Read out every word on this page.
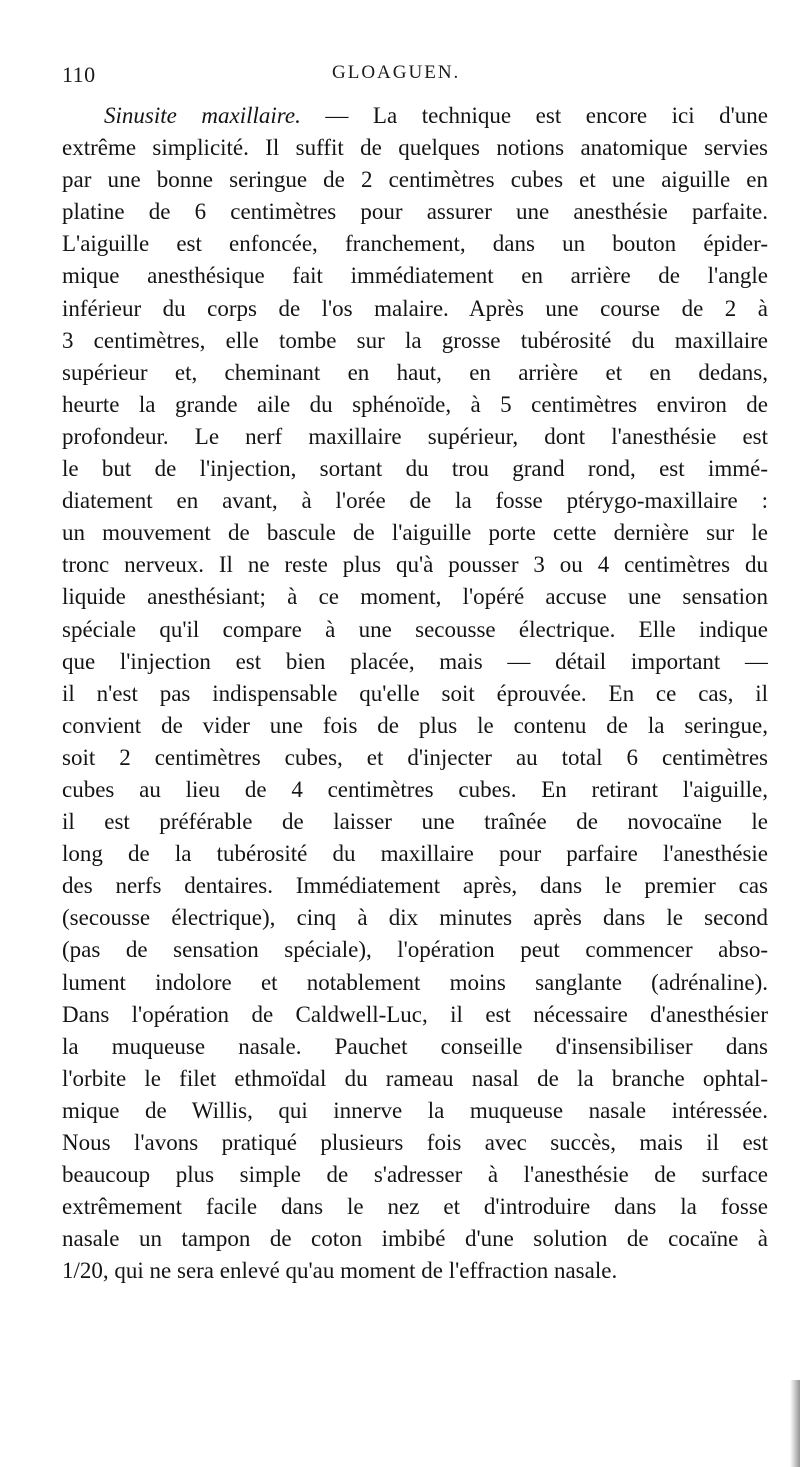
110	GLOAGUEN.
Sinusite maxillaire. — La technique est encore ici d'une
extrême simplicité. Il suffit de quelques notions anatomique servies
par une bonne seringue de 2 centimètres cubes et une aiguille en
platine de 6 centimètres pour assurer une anesthésie parfaite.
L'aiguille est enfoncée, franchement, dans un bouton épider-
mique anesthésique fait immédiatement en arrière de l'angle
inférieur du corps de l'os malaire. Après une course de 2 à
3 centimètres, elle tombe sur la grosse tubérosité du maxillaire
supérieur et, cheminant en haut, en arrière et en dedans,
heurte la grande aile du sphénoïde, à 5 centimètres environ de
profondeur. Le nerf maxillaire supérieur, dont l'anesthésie est
le but de l'injection, sortant du trou grand rond, est immé-
diatement en avant, à l'orée de la fosse ptérygo-maxillaire :
un mouvement de bascule de l'aiguille porte cette dernière sur le
tronc nerveux. Il ne reste plus qu'à pousser 3 ou 4 centimètres du
liquide anesthésiant; à ce moment, l'opéré accuse une sensation
spéciale qu'il compare à une secousse électrique. Elle indique
que l'injection est bien placée, mais — détail important —
il n'est pas indispensable qu'elle soit éprouvée. En ce cas, il
convient de vider une fois de plus le contenu de la seringue,
soit 2 centimètres cubes, et d'injecter au total 6 centimètres
cubes au lieu de 4 centimètres cubes. En retirant l'aiguille,
il est préférable de laisser une traînée de novocaïne le
long de la tubérosité du maxillaire pour parfaire l'anesthésie
des nerfs dentaires. Immédiatement après, dans le premier cas
(secousse électrique), cinq à dix minutes après dans le second
(pas de sensation spéciale), l'opération peut commencer abso-
lument indolore et notablement moins sanglante (adrénaline).
Dans l'opération de Caldwell-Luc, il est nécessaire d'anesthésier
la muqueuse nasale. Pauchet conseille d'insensibiliser dans
l'orbite le filet ethmoïdal du rameau nasal de la branche ophtal-
mique de Willis, qui innerve la muqueuse nasale intéressée.
Nous l'avons pratiqué plusieurs fois avec succès, mais il est
beaucoup plus simple de s'adresser à l'anesthésie de surface
extrêmement facile dans le nez et d'introduire dans la fosse
nasale un tampon de coton imbibé d'une solution de cocaïne à
1/20, qui ne sera enlevé qu'au moment de l'effraction nasale.
